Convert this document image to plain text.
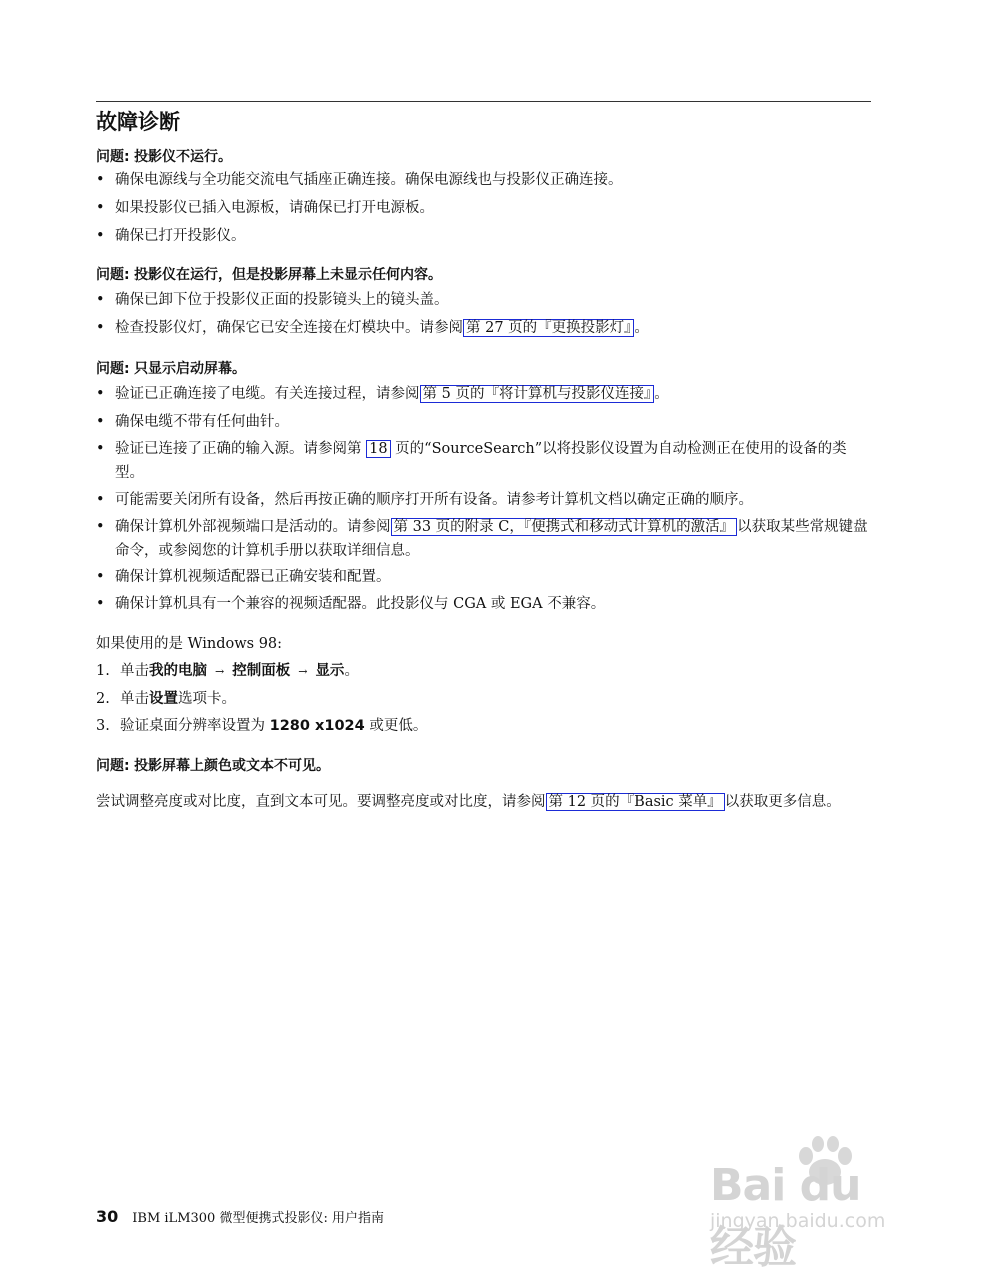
故障诊断
问题: 投影仪不运行。
• 确保电源线与全功能交流电气插座正确连接。确保电源线也与投影仪正确连接。
• 如果投影仪已插入电源板，请确保已打开电源板。
• 确保已打开投影仪。
问题: 投影仪在运行，但是投影屏幕上未显示任何内容。
• 确保已卸下位于投影仪正面的投影镜头上的镜头盖。
• 检查投影仪灯，确保它已安全连接在灯模块中。请参阅 第 27 页的『更换投影灯』 。
问题: 只显示启动屏幕。
• 验证已正确连接了电缆。有关连接过程，请参阅 第 5 页的『将计算机与投影仪连接』 。
• 确保电缆不带有任何曲针。
• 验证已连接了正确的输入源。请参阅第 18 页的“SourceSearch”以将投影仪设置为自动检测正在使用的设备的类型。
• 可能需要关闭所有设备，然后再按正确的顺序打开所有设备。请参考计算机文档以确定正确的顺序。
• 确保计算机外部视频端口是活动的。请参阅 第 33 页的附录 C，『便携式和移动式计算机的激活』 以获取某些常规键盘命令，或参阅您的计算机手册以获取详细信息。
• 确保计算机视频适配器已正确安装和配置。
• 确保计算机具有一个兼容的视频适配器。此投影仪与 CGA 或 EGA 不兼容。
如果使用的是 Windows 98:
1. 单击我的电脑 → 控制面板 → 显示。
2. 单击设置选项卡。
3. 验证桌面分辨率设置为 1280 x1024 或更低。
问题: 投影屏幕上颜色或文本不可见。
尝试调整亮度或对比度，直到文本可见。要调整亮度或对比度，请参阅 第 12 页的『Basic 菜单』 以获取更多信息。
30 IBM iLM300 微型便携式投影仪: 用户指南
Bai du 经验
jingyan.baidu.com
